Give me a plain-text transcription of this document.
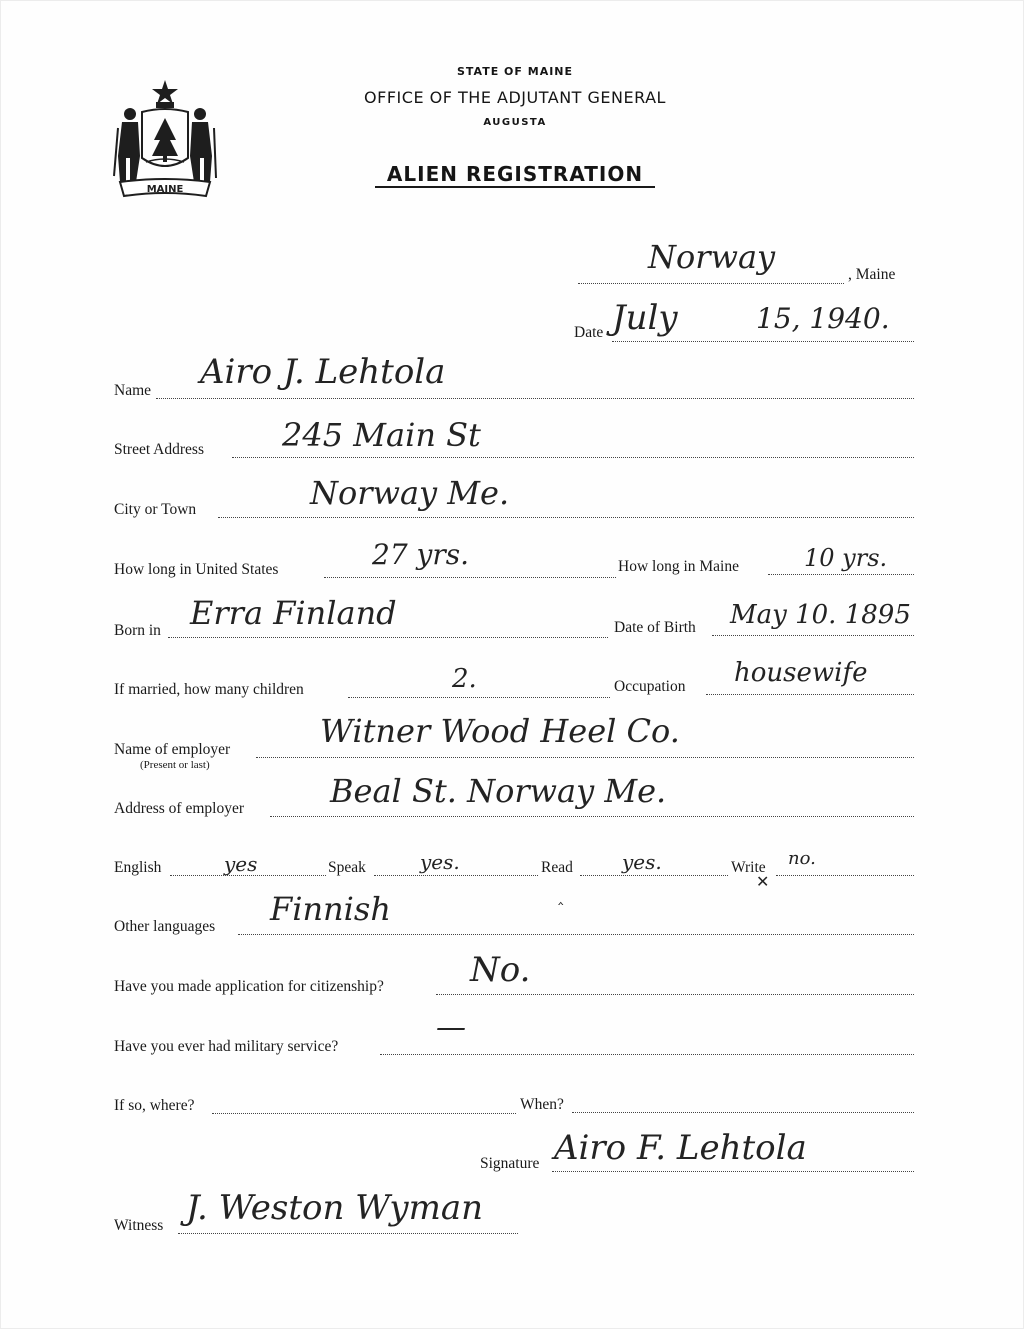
MAINE
STATE OF MAINE
OFFICE OF THE ADJUTANT GENERAL
AUGUSTA
ALIEN REGISTRATION
Norway	, Maine
Date July	15, 1940.
Name Airo J. Lehtola
Street Address 245 Main St
City or Town	Norway Me.
How long in United States	27 yrs.	How long in Maine	10 yrs.
Born in Erra Finland	Date of Birth May 10. 1895
If married, how many children	2.	Occupation housewife
Name of employer
(Present or last)
Witner Wood Heel Co.
Address of employer	Beal St. Norway Me.
English	yes	Speak	yes.	Read yes.	Write no.
‸
✕
Other languages Finnish
Have you made application for citizenship?	No.
Have you ever had military service?
—
If so, where?	When?
Signature Airo F. Lehtola
Witness J. Weston Wyman
